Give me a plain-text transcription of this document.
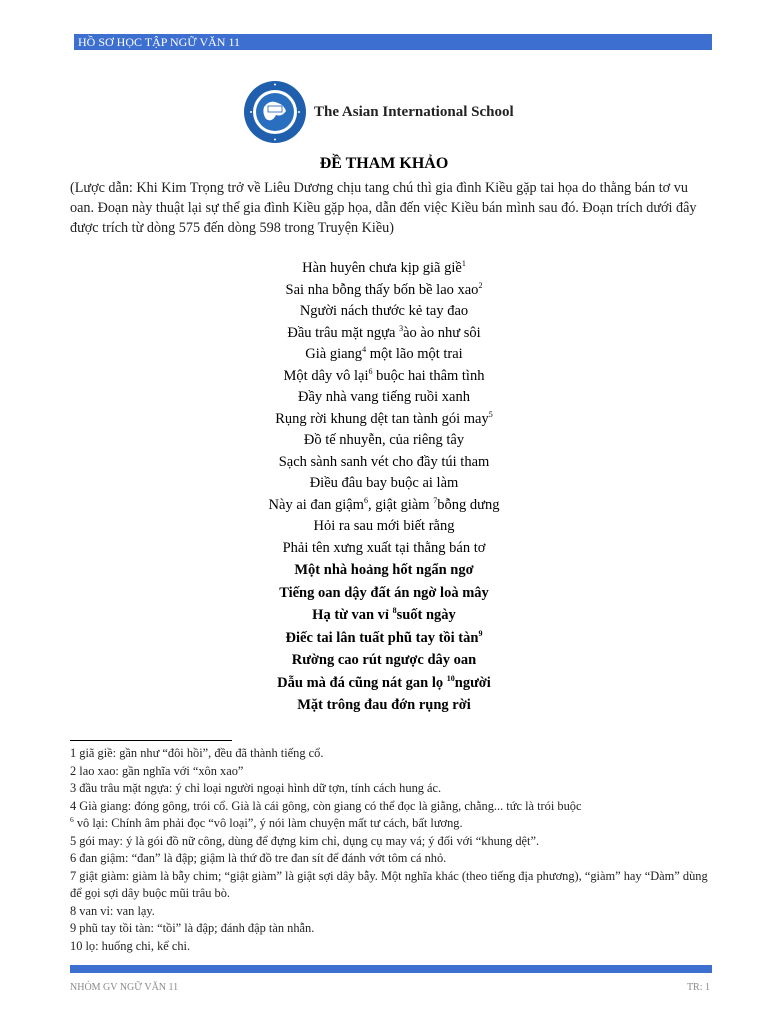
HỒ SƠ HỌC TẬP NGỮ VĂN 11
The Asian International School
ĐỀ THAM KHẢO
(Lược dẫn: Khi Kim Trọng trở về Liêu Dương chịu tang chú thì gia đình Kiều gặp tai họa do thằng bán tơ vu oan. Đoạn này thuật lại sự thể gia đình Kiều gặp họa, dẫn đến việc Kiều bán mình sau đó. Đoạn trích dưới đây được trích từ dòng 575 đến dòng 598 trong Truyện Kiều)
Hàn huyên chưa kịp giã giề$^1$
Sai nha bỗng thấy bốn bề lao xao$^2$
Người nách thước kẻ tay đao
Đầu trâu mặt ngựa $^3$ào ào như sôi
Già giang$^4$ một lão một trai
Một dây vô lại$^6$ buộc hai thâm tình
Đầy nhà vang tiếng ruồi xanh
Rụng rời khung dệt tan tành gói may$^5$
Đồ tế nhuyễn, của riêng tây
Sạch sành sanh vét cho đầy túi tham
Điều đâu bay buộc ai làm
Này ai đan giậm$^6$, giật giàm $^7$bỗng dưng
Hỏi ra sau mới biết rằng
Phải tên xưng xuất tại thằng bán tơ
Một nhà hoảng hốt ngẩn ngơ
Tiếng oan dậy đất án ngờ loà mây
Hạ từ van vỉ $^8$suốt ngày
Điếc tai lân tuất phũ tay tồi tàn$^9$
Rường cao rút ngược dây oan
Dẫu mà đá cũng nát gan lọ $^{10}$người
Mặt trông đau đớn rụng rời
1 giã giề: gần như “đôi hồi”, đều đã thành tiếng cổ.
2 lao xao: gần nghĩa với “xôn xao”
3 đầu trâu mặt ngựa: ý chỉ loại người ngoại hình dữ tợn, tính cách hung ác.
4 Già giang: đóng gông, trói cổ. Già là cái gông, còn giang có thể đọc là giằng, chằng... tức là trói buộc
$^6$ vô lại: Chính âm phải đọc “vô loại”, ý nói làm chuyện mất tư cách, bất lương.
5 gói may: ý là gói đồ nữ công, dùng để đựng kim chỉ, dụng cụ may vá; ý đối với “khung dệt”.
6 đan giậm: “đan” là đập; giậm là thứ đồ tre đan sít để đánh vớt tôm cá nhỏ.
7 giật giàm: giàm là bẫy chim; “giật giàm” là giật sợi dây bẫy. Một nghĩa khác (theo tiếng địa phương), “giàm” hay “Dàm” dùng để gọi sợi dây buộc mũi trâu bò.
8 van vỉ: van lạy.
9 phũ tay tồi tàn: “tồi” là đập; đánh đập tàn nhẫn.
10 lọ: huống chi, kể chi.
NHÓM GV NGỮ VĂN 11	TR: 1
